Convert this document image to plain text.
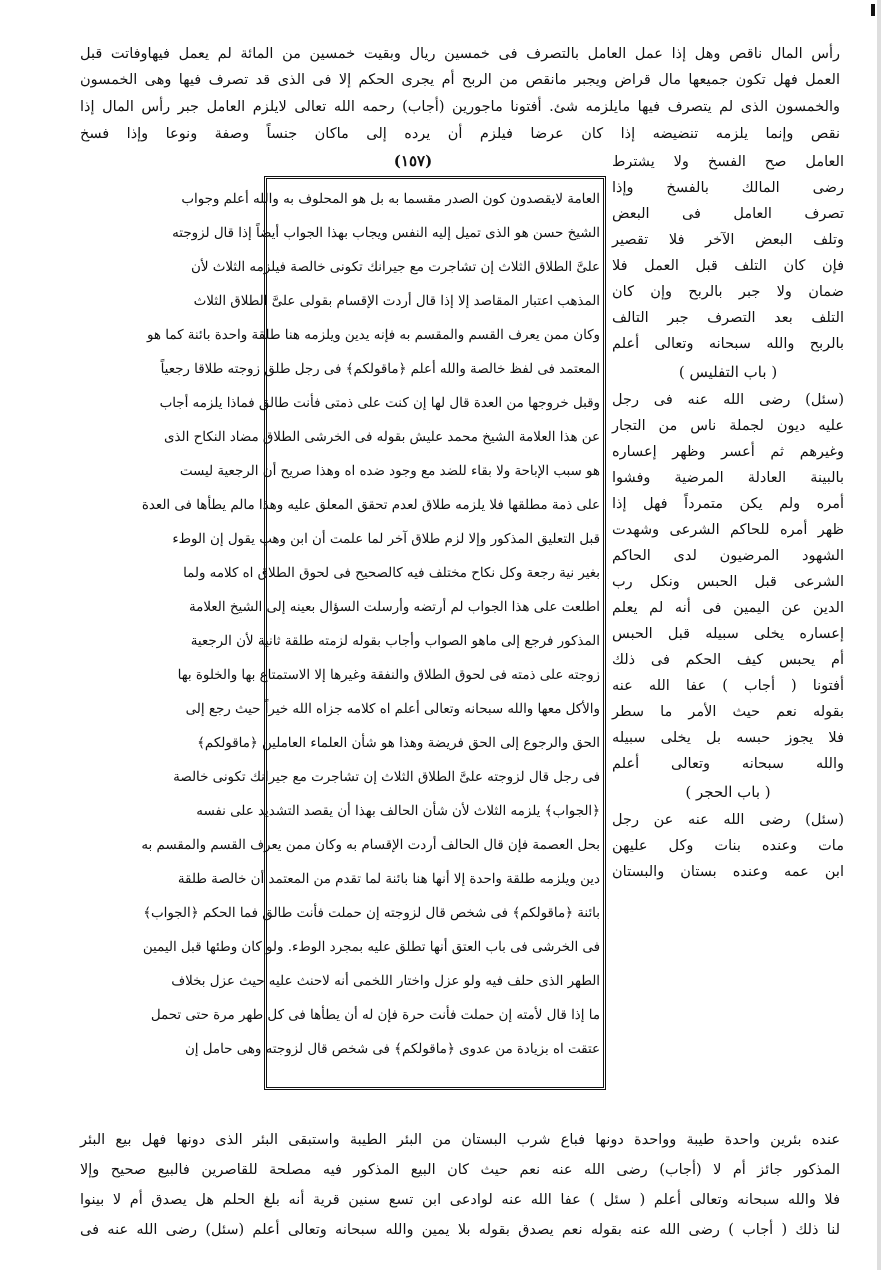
رأس المال ناقص وهل إذا عمل العامل بالتصرف فى خمسين ريال وبقيت خمسين من المائة لم يعمل فيهاوفاتت قبل
العمل فهل تكون جميعها مال قراض ويجبر مانقص من الربح أم يجرى الحكم إلا فى الذى قد تصرف فيها وهى الخمسون
والخمسون الذى لم يتصرف فيها مايلزمه شئ. أفتونا ماجورين (أجاب) رحمه الله تعالى لايلزم العامل جبر رأس المال إذا
نقص وإنما يلزمه تنضيضه إذا كان عرضا فيلزم أن يرده إلى ماكان جنساً وصفة ونوعا وإذا فسخ
(١٥٧)	العامل صح الفسخ ولا يشترط
رضى المالك بالفسخ وإذا
تصرف العامل فى البعض
وتلف البعض الآخر فلا تقصير
فإن كان التلف قبل العمل فلا
ضمان ولا جبر بالربح وإن كان
التلف بعد التصرف جبر التالف
بالربح والله سبحانه وتعالى أعلم
( باب التفليس )
(سئل) رضى الله عنه فى رجل
عليه ديون لجملة ناس من التجار
وغيرهم ثم أعسر وظهر إعساره
بالبينة العادلة المرضية وفشوا
أمره ولم يكن متمرداً فهل إذا
ظهر أمره للحاكم الشرعى وشهدت
الشهود المرضيون لدى الحاكم
الشرعى قبل الحبس ونكل رب
الدين عن اليمين فى أنه لم يعلم
إعساره يخلى سبيله قبل الحبس
أم يحبس كيف الحكم فى ذلك
أفتونا ( أجاب ) عفا الله عنه
بقوله نعم حيث الأمر ما سطر
فلا يجوز حبسه بل يخلى سبيله
والله سبحانه وتعالى أعلم
( باب الحجر )
(سئل) رضى الله عنه عن رجل
مات وعنده بنات وكل عليهن
ابن عمه وعنده بستان والبستان
العامة لايقصدون كون الصدر مقسما به بل هو المحلوف به والله أعلم وجواب
الشيخ حسن هو الذى تميل إليه النفس ويجاب بهذا الجواب أيضاً إذا قال لزوجته
علىَّ الطلاق الثلاث إن تشاجرت مع جيرانك تكونى خالصة فيلزمه الثلاث لأن
المذهب اعتبار المقاصد إلا إذا قال أردت الإقسام بقولى علىَّ الطلاق الثلاث
وكان ممن يعرف القسم والمقسم به فإنه يدين ويلزمه هنا طلقة واحدة بائنة كما هو
المعتمد فى لفظ خالصة والله أعلم ﴿ماقولكم﴾ فى رجل طلق زوجته طلاقا رجعياً
وقبل خروجها من العدة قال لها إن كنت على ذمتى فأنت طالق فماذا يلزمه أجاب
عن هذا العلامة الشيخ محمد عليش بقوله فى الخرشى الطلاق مضاد النكاح الذى
هو سبب الإباحة ولا بقاء للضد مع وجود ضده اه وهذا صريح أن الرجعية ليست
على ذمة مطلقها فلا يلزمه طلاق لعدم تحقق المعلق عليه وهذا مالم يطأها فى العدة
قبل التعليق المذكور وإلا لزم طلاق آخر لما علمت أن ابن وهب يقول إن الوطء
بغير نية رجعة وكل نكاح مختلف فيه كالصحيح فى لحوق الطلاق اه كلامه ولما
اطلعت على هذا الجواب لم أرتضه وأرسلت السؤال بعينه إلى الشيخ العلامة
المذكور فرجع إلى ماهو الصواب وأجاب بقوله لزمته طلقة ثانية لأن الرجعية
زوجته على ذمته فى لحوق الطلاق والنفقة وغيرها إلا الاستمتاع بها والخلوة بها
والأكل معها والله سبحانه وتعالى أعلم اه كلامه جزاه الله خيراً حيث رجع إلى
الحق والرجوع إلى الحق فريضة وهذا هو شأن العلماء العاملين ﴿ماقولكم﴾
فى رجل قال لزوجته علىَّ الطلاق الثلاث إن تشاجرت مع جيرانك تكونى خالصة
﴿الجواب﴾ يلزمه الثلاث لأن شأن الحالف بهذا أن يقصد التشديد على نفسه
بحل العصمة فإن قال الحالف أردت الإقسام به وكان ممن يعرف القسم والمقسم به
دين ويلزمه طلقة واحدة إلا أنها هنا بائنة لما تقدم من المعتمد أن خالصة طلقة
بائنة ﴿ماقولكم﴾ فى شخص قال لزوجته إن حملت فأنت طالق فما الحكم ﴿الجواب﴾
فى الخرشى فى باب العتق أنها تطلق عليه بمجرد الوطء. ولو كان وطئها قبل اليمين
الطهر الذى حلف فيه ولو عزل واختار اللخمى أنه لاحنث عليه حيث عزل بخلاف
ما إذا قال لأمته إن حملت فأنت حرة فإن له أن يطأها فى كل طهر مرة حتى تحمل
عتقت اه بزيادة من عدوى ﴿ماقولكم﴾ فى شخص قال لزوجته وهى حامل إن
عنده بئرين واحدة طيبة وواحدة دونها فباع شرب البستان من البئر الطيبة واستبقى البئر الذى دونها فهل بيع البئر
المذكور جائز أم لا (أجاب) رضى الله عنه نعم حيث كان البيع المذكور فيه مصلحة للقاصرين فالبيع صحيح وإلا
فلا والله سبحانه وتعالى أعلم ( سئل ) عفا الله عنه لوادعى ابن تسع سنين قرية أنه بلغ الحلم هل يصدق أم لا بينوا
لنا ذلك ( أجاب ) رضى الله عنه بقوله نعم يصدق بقوله بلا يمين والله سبحانه وتعالى أعلم (سئل) رضى الله عنه فى
